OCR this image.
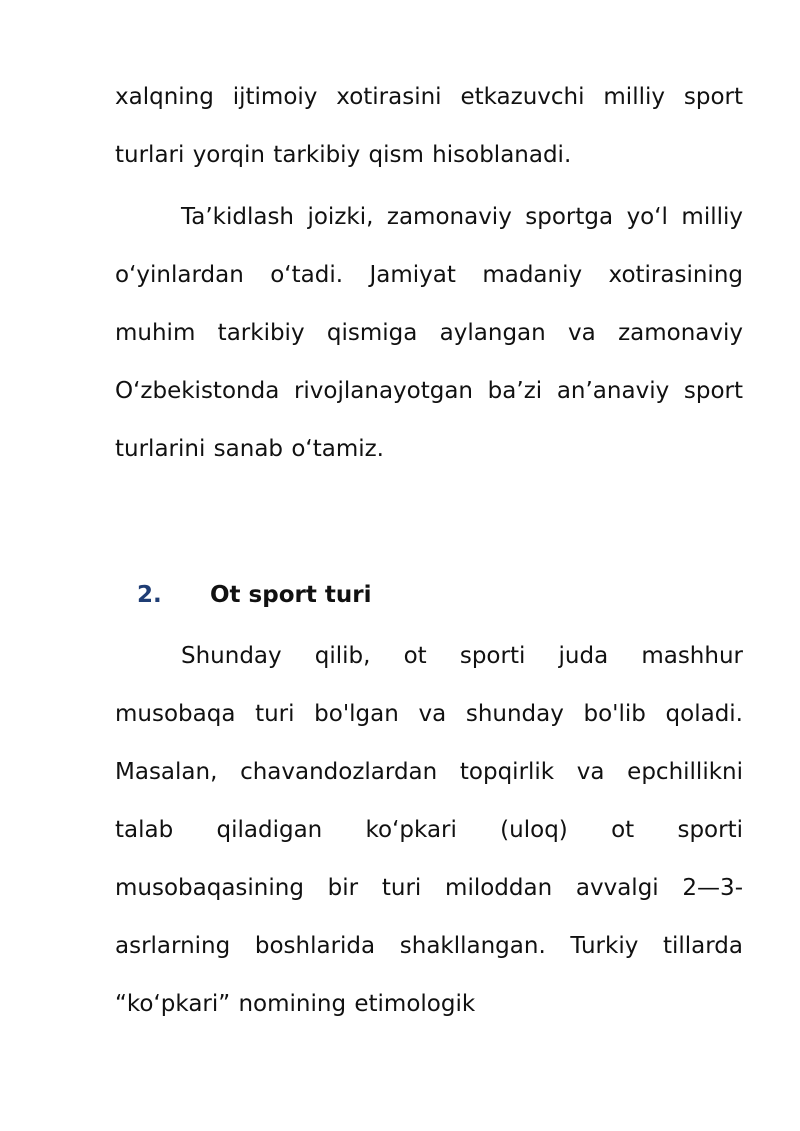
xalqning ijtimoiy xotirasini etkazuvchi milliy sport turlari yorqin tarkibiy qism hisoblanadi.

Ta’kidlash joizki, zamonaviy sportga yo‘l milliy o‘yinlardan o‘tadi. Jamiyat madaniy xotirasining muhim tarkibiy qismiga aylangan va zamonaviy O‘zbekistonda rivojlanayotgan ba’zi an’anaviy sport turlarini sanab o‘tamiz.

2.	Ot sport turi

Shunday qilib, ot sporti juda mashhur musobaqa turi bo'lgan va shunday bo'lib qoladi. Masalan, chavandozlardan topqirlik va epchillikni talab qiladigan ko‘pkari (uloq) ot sporti musobaqasining bir turi miloddan avvalgi 2—3-asrlarning boshlarida shakllangan. Turkiy tillarda “ko‘pkari” nomining etimologik
